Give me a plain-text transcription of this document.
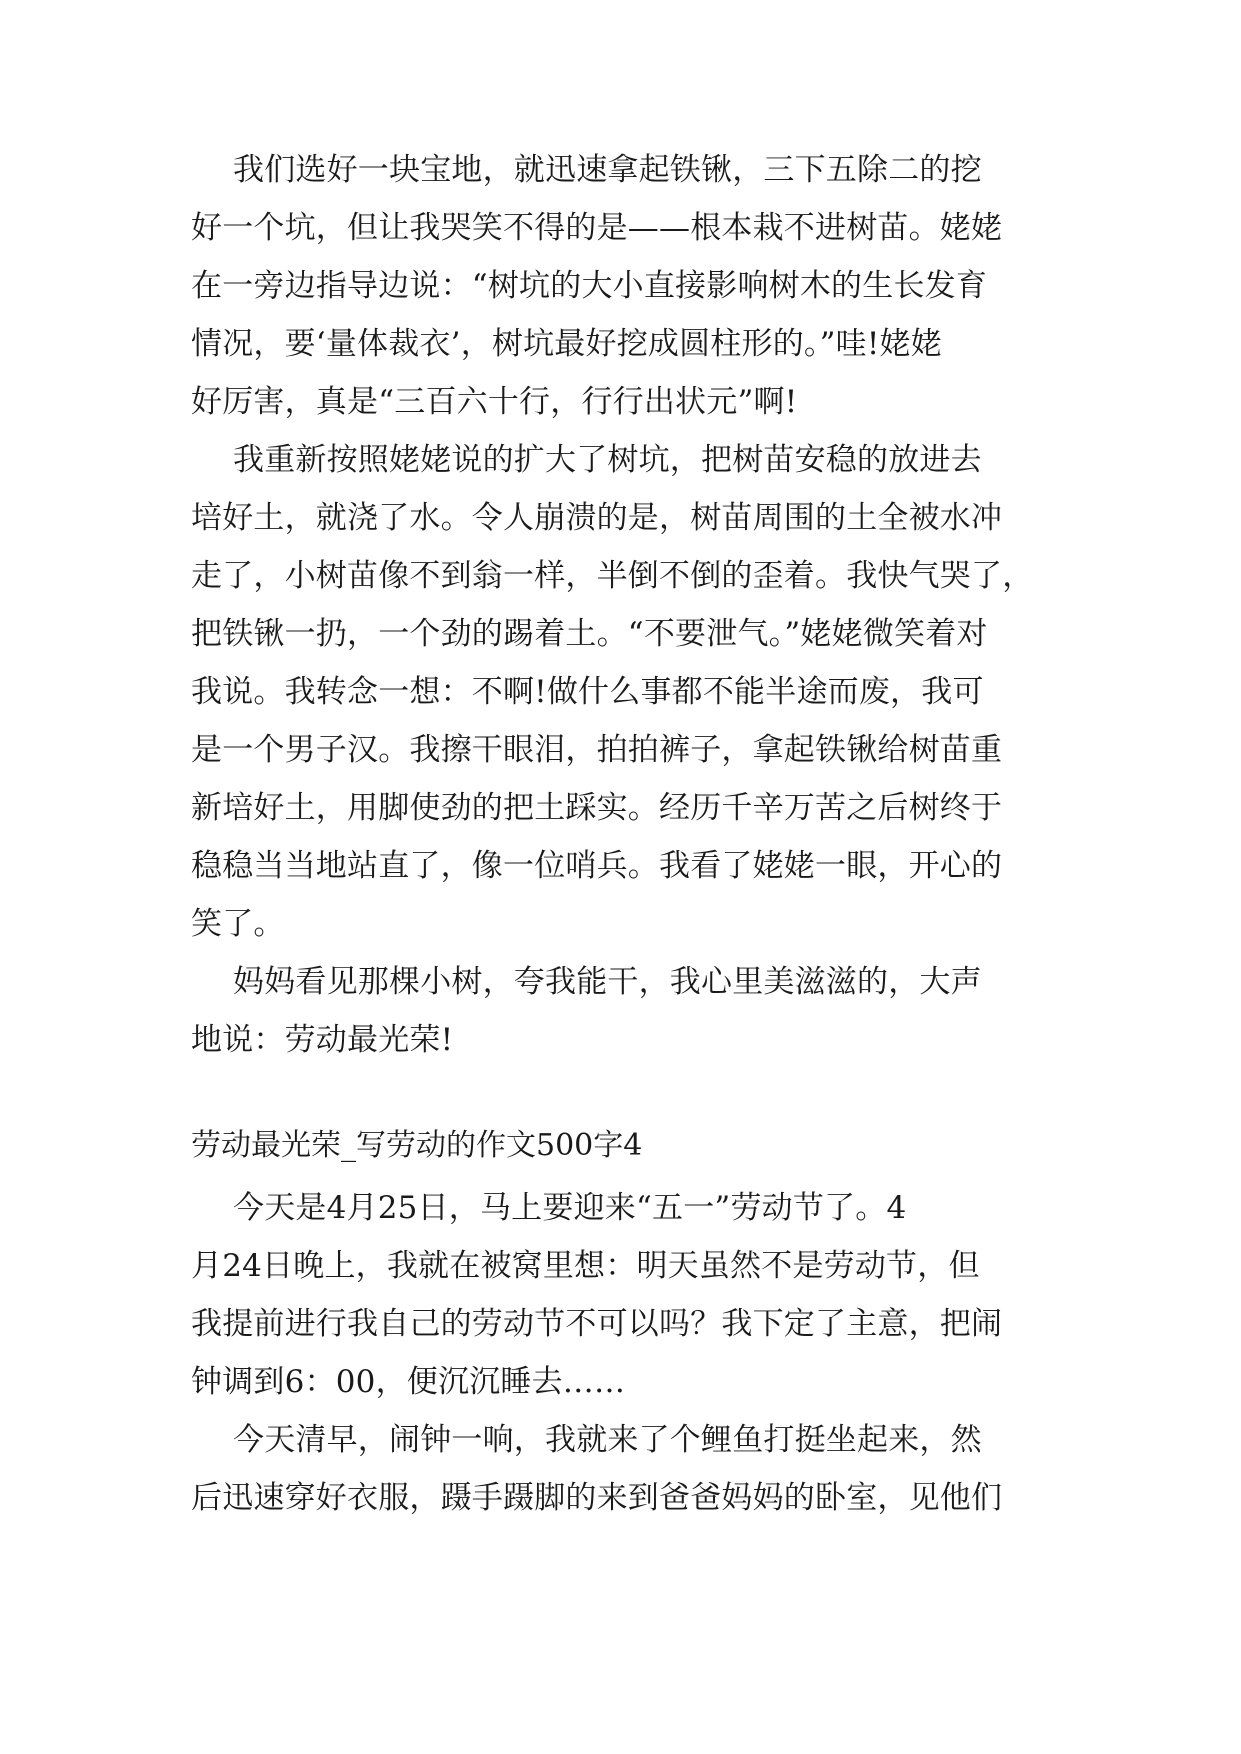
我们选好一块宝地，就迅速拿起铁锹，三下五除二的挖
好一个坑，但让我哭笑不得的是——根本栽不进树苗。姥姥
在一旁边指导边说：“树坑的大小直接影响树木的生长发育
情况，要‘量体裁衣’，树坑最好挖成圆柱形的。”哇!姥姥
好厉害，真是“三百六十行，行行出状元”啊!
我重新按照姥姥说的扩大了树坑，把树苗安稳的放进去
培好土，就浇了水。令人崩溃的是，树苗周围的土全被水冲
走了，小树苗像不到翁一样，半倒不倒的歪着。我快气哭了，
把铁锹一扔，一个劲的踢着土。“不要泄气。”姥姥微笑着对
我说。我转念一想：不啊!做什么事都不能半途而废，我可
是一个男子汉。我擦干眼泪，拍拍裤子，拿起铁锹给树苗重
新培好土，用脚使劲的把土踩实。经历千辛万苦之后树终于
稳稳当当地站直了，像一位哨兵。我看了姥姥一眼，开心的
笑了。
妈妈看见那棵小树，夸我能干，我心里美滋滋的，大声
地说：劳动最光荣!
劳动最光荣_写劳动的作文500字4
今天是4月25日，马上要迎来“五一”劳动节了。4
月24日晚上，我就在被窝里想：明天虽然不是劳动节，但
我提前进行我自己的劳动节不可以吗？我下定了主意，把闹
钟调到6：00，便沉沉睡去……
今天清早，闹钟一响，我就来了个鲤鱼打挺坐起来，然
后迅速穿好衣服，蹑手蹑脚的来到爸爸妈妈的卧室，见他们
